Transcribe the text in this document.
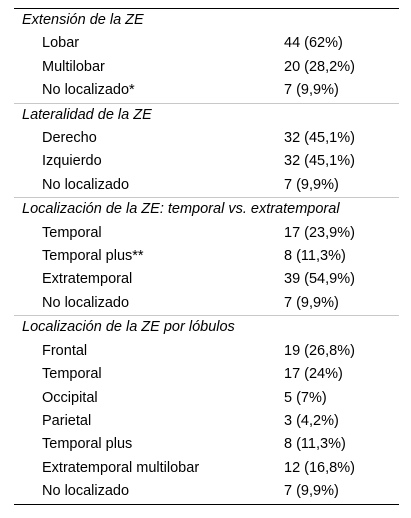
Extensión de la ZE	
Lobar	44 (62%)
Multilobar	20 (28,2%)
No localizado*	7 (9,9%)
Lateralidad de la ZE	
Derecho	32 (45,1%)
Izquierdo	32 (45,1%)
No localizado	7 (9,9%)
Localización de la ZE: temporal vs. extratemporal	
Temporal	17 (23,9%)
Temporal plus**	8 (11,3%)
Extratemporal	39 (54,9%)
No localizado	7 (9,9%)
Localización de la ZE por lóbulos	
Frontal	19 (26,8%)
Temporal	17 (24%)
Occipital	5 (7%)
Parietal	3 (4,2%)
Temporal plus	8 (11,3%)
Extratemporal multilobar	12 (16,8%)
No localizado	7 (9,9%)
